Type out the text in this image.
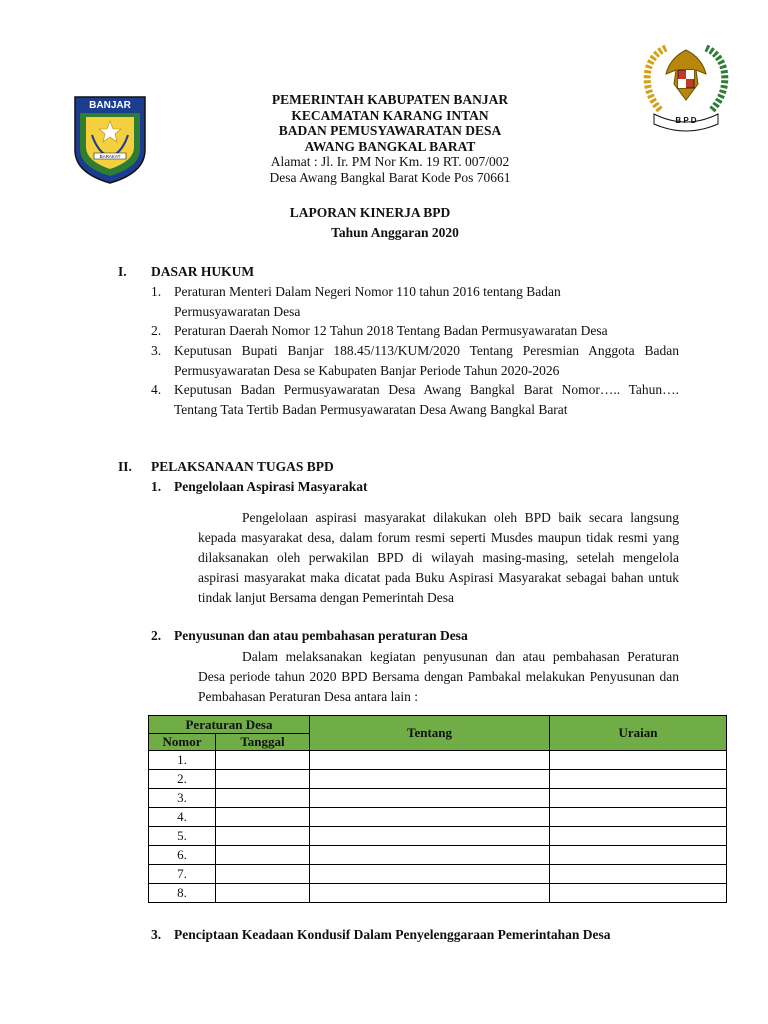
BARAKAT
BANJAR
B P D
PEMERINTAH KABUPATEN BANJAR
KECAMATAN KARANG INTAN
BADAN PEMUSYAWARATAN DESA
AWANG BANGKAL BARAT
Alamat : Jl. Ir. PM Nor Km. 19 RT. 007/002
Desa Awang Bangkal Barat Kode Pos 70661
LAPORAN KINERJA BPD
Tahun Anggaran 2020
I. DASAR HUKUM
1. Peraturan Menteri Dalam Negeri Nomor 110 tahun 2016 tentang Badan Permusyawaratan Desa
2. Peraturan Daerah Nomor 12 Tahun 2018 Tentang Badan Permusyawaratan Desa
3. Keputusan Bupati Banjar 188.45/113/KUM/2020 Tentang Peresmian Anggota Badan Permusyawaratan Desa se Kabupaten Banjar Periode Tahun 2020-2026
4. Keputusan Badan Permusyawaratan Desa Awang Bangkal Barat Nomor….. Tahun…. Tentang Tata Tertib Badan Permusyawaratan Desa Awang Bangkal Barat
II. PELAKSANAAN TUGAS BPD
1. Pengelolaan Aspirasi Masyarakat
Pengelolaan aspirasi masyarakat dilakukan oleh BPD baik secara langsung kepada masyarakat desa, dalam forum resmi seperti Musdes maupun tidak resmi yang dilaksanakan oleh perwakilan BPD di wilayah masing-masing, setelah mengelola aspirasi masyarakat maka dicatat pada Buku Aspirasi Masyarakat sebagai bahan untuk tindak lanjut Bersama dengan Pemerintah Desa
2. Penyusunan dan atau pembahasan peraturan Desa
Dalam melaksanakan kegiatan penyusunan dan atau pembahasan Peraturan Desa periode tahun 2020 BPD Bersama dengan Pambakal melakukan Penyusunan dan Pembahasan Peraturan Desa antara lain :
Peraturan Desa		Tentang	Uraian
Nomor	Tanggal		
1.			
2.			
3.			
4.			
5.			
6.			
7.			
8.			
3. Penciptaan Keadaan Kondusif Dalam Penyelenggaraan Pemerintahan Desa
